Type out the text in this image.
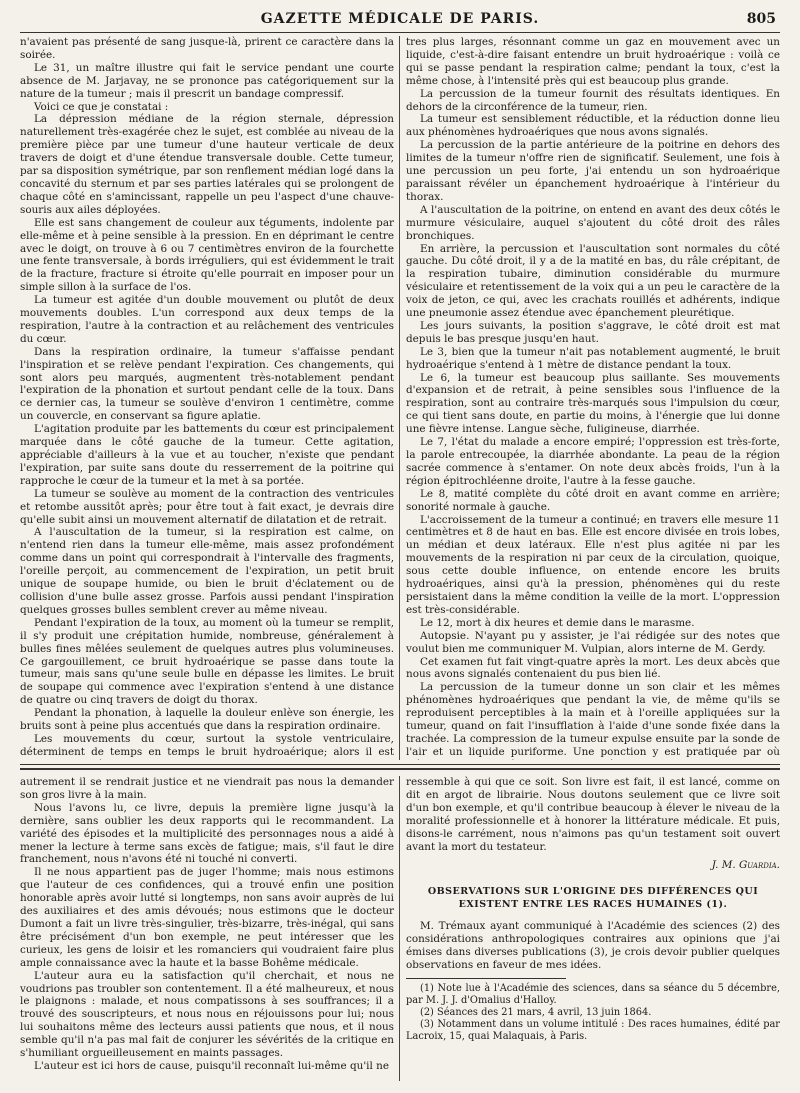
GAZETTE MÉDICALE DE PARIS.	805

n'avaient pas présenté de sang jusque-là, prirent ce caractère dans la soirée.

Le 31, un maître illustre qui fait le service pendant une courte absence de M. Jarjavay, ne se prononce pas catégoriquement sur la nature de la tumeur ; mais il prescrit un bandage compressif.

Voici ce que je constatai :

La dépression médiane de la région sternale, dépression naturellement très-exagérée chez le sujet, est comblée au niveau de la première pièce par une tumeur d'une hauteur verticale de deux travers de doigt et d'une étendue transversale double. Cette tumeur, par sa disposition symétrique, par son renflement médian logé dans la concavité du sternum et par ses parties latérales qui se prolongent de chaque côté en s'amincissant, rappelle un peu l'aspect d'une chauve-souris aux ailes déployées.

Elle est sans changement de couleur aux téguments, indolente par elle-même et à peine sensible à la pression. En en déprimant le centre avec le doigt, on trouve à 6 ou 7 centimètres environ de la fourchette une fente transversale, à bords irréguliers, qui est évidemment le trait de la fracture, fracture si étroite qu'elle pourrait en imposer pour un simple sillon à la surface de l'os.

La tumeur est agitée d'un double mouvement ou plutôt de deux mouvements doubles. L'un correspond aux deux temps de la respiration, l'autre à la contraction et au relâchement des ventricules du cœur.

Dans la respiration ordinaire, la tumeur s'affaisse pendant l'inspiration et se relève pendant l'expiration. Ces changements, qui sont alors peu marqués, augmentent très-notablement pendant l'expiration de la phonation et surtout pendant celle de la toux. Dans ce dernier cas, la tumeur se soulève d'environ 1 centimètre, comme un couvercle, en conservant sa figure aplatie.

L'agitation produite par les battements du cœur est principalement marquée dans le côté gauche de la tumeur. Cette agitation, appréciable d'ailleurs à la vue et au toucher, n'existe que pendant l'expiration, par suite sans doute du resserrement de la poitrine qui rapproche le cœur de la tumeur et la met à sa portée.

La tumeur se soulève au moment de la contraction des ventricules et retombe aussitôt après; pour être tout à fait exact, je devrais dire qu'elle subit ainsi un mouvement alternatif de dilatation et de retrait.

A l'auscultation de la tumeur, si la respiration est calme, on n'entend rien dans la tumeur elle-même, mais assez profondément comme dans un point qui correspondrait à l'intervalle des fragments, l'oreille perçoit, au commencement de l'expiration, un petit bruit unique de soupape humide, ou bien le bruit d'éclatement ou de collision d'une bulle assez grosse. Parfois aussi pendant l'inspiration quelques grosses bulles semblent crever au même niveau.

Pendant l'expiration de la toux, au moment où la tumeur se remplit, il s'y produit une crépitation humide, nombreuse, généralement à bulles fines mêlées seulement de quelques autres plus volumineuses. Ce gargouillement, ce bruit hydroaérique se passe dans toute la tumeur, mais sans qu'une seule bulle en dépasse les limites. Le bruit de soupape qui commence avec l'expiration s'entend à une distance de quatre ou cinq travers de doigt du thorax.

Pendant la phonation, à laquelle la douleur enlève son énergie, les bruits sont à peine plus accentués que dans la respiration ordinaire.

Les mouvements du cœur, surtout la systole ventriculaire, déterminent de temps en temps le bruit hydroaérique; alors il est

tres plus larges, résonnant comme un gaz en mouvement avec un liquide, c'est-à-dire faisant entendre un bruit hydroaérique : voilà ce qui se passe pendant la respiration calme; pendant la toux, c'est la même chose, à l'intensité près qui est beaucoup plus grande.

La percussion de la tumeur fournit des résultats identiques. En dehors de la circonférence de la tumeur, rien.

La tumeur est sensiblement réductible, et la réduction donne lieu aux phénomènes hydroaériques que nous avons signalés.

La percussion de la partie antérieure de la poitrine en dehors des limites de la tumeur n'offre rien de significatif. Seulement, une fois à une percussion un peu forte, j'ai entendu un son hydroaérique paraissant révéler un épanchement hydroaérique à l'intérieur du thorax.

A l'auscultation de la poitrine, on entend en avant des deux côtés le murmure vésiculaire, auquel s'ajoutent du côté droit des râles bronchiques.

En arrière, la percussion et l'auscultation sont normales du côté gauche. Du côté droit, il y a de la matité en bas, du râle crépitant, de la respiration tubaire, diminution considérable du murmure vésiculaire et retentissement de la voix qui a un peu le caractère de la voix de jeton, ce qui, avec les crachats rouillés et adhérents, indique une pneumonie assez étendue avec épanchement pleurétique.

Les jours suivants, la position s'aggrave, le côté droit est mat depuis le bas presque jusqu'en haut.

Le 3, bien que la tumeur n'ait pas notablement augmenté, le bruit hydroaérique s'entend à 1 mètre de distance pendant la toux.

Le 6, la tumeur est beaucoup plus saillante. Ses mouvements d'expansion et de retrait, à peine sensibles sous l'influence de la respiration, sont au contraire très-marqués sous l'impulsion du cœur, ce qui tient sans doute, en partie du moins, à l'énergie que lui donne une fièvre intense. Langue sèche, fuligineuse, diarrhée.

Le 7, l'état du malade a encore empiré; l'oppression est très-forte, la parole entrecoupée, la diarrhée abondante. La peau de la région sacrée commence à s'entamer. On note deux abcès froids, l'un à la région épitrochléenne droite, l'autre à la fesse gauche.

Le 8, matité complète du côté droit en avant comme en arrière; sonorité normale à gauche.

L'accroissement de la tumeur a continué; en travers elle mesure 11 centimètres et 8 de haut en bas. Elle est encore divisée en trois lobes, un médian et deux latéraux. Elle n'est plus agitée ni par les mouvements de la respiration ni par ceux de la circulation, quoique, sous cette double influence, on entende encore les bruits hydroaériques, ainsi qu'à la pression, phénomènes qui du reste persistaient dans la même condition la veille de la mort. L'oppression est très-considérable.

Le 12, mort à dix heures et demie dans le marasme.

Autopsie. N'ayant pu y assister, je l'ai rédigée sur des notes que voulut bien me communiquer M. Vulpian, alors interne de M. Gerdy.

Cet examen fut fait vingt-quatre après la mort. Les deux abcès que nous avons signalés contenaient du pus bien lié.

La percussion de la tumeur donne un son clair et les mêmes phénomènes hydroaériques que pendant la vie, de même qu'ils se reproduisent perceptibles à la main et à l'oreille appliquées sur la tumeur, quand on fait l'insufflation à l'aide d'une sonde fixée dans la trachée. La compression de la tumeur expulse ensuite par la sonde de l'air et un liquide puriforme. Une ponction y est pratiquée par où

autrement il se rendrait justice et ne viendrait pas nous la demander son gros livre à la main.

Nous l'avons lu, ce livre, depuis la première ligne jusqu'à la dernière, sans oublier les deux rapports qui le recommandent. La variété des épisodes et la multiplicité des personnages nous a aidé à mener la lecture à terme sans excès de fatigue; mais, s'il faut le dire franchement, nous n'avons été ni touché ni converti.

Il ne nous appartient pas de juger l'homme; mais nous estimons que l'auteur de ces confidences, qui a trouvé enfin une position honorable après avoir lutté si longtemps, non sans avoir auprès de lui des auxiliaires et des amis dévoués; nous estimons que le docteur Dumont a fait un livre très-singulier, très-bizarre, très-inégal, qui sans être précisément d'un bon exemple, ne peut intéresser que les curieux, les gens de loisir et les romanciers qui voudraient faire plus ample connaissance avec la haute et la basse Bohême médicale.

L'auteur aura eu la satisfaction qu'il cherchait, et nous ne voudrions pas troubler son contentement. Il a été malheureux, et nous le plaignons : malade, et nous compatissons à ses souffrances; il a trouvé des souscripteurs, et nous nous en réjouissons pour lui; nous lui souhaitons même des lecteurs aussi patients que nous, et il nous semble qu'il n'a pas mal fait de conjurer les sévérités de la critique en s'humiliant orgueilleusement en maints passages.

L'auteur est ici hors de cause, puisqu'il reconnaît lui-même qu'il ne

ressemble à qui que ce soit. Son livre est fait, il est lancé, comme on dit en argot de librairie. Nous doutons seulement que ce livre soit d'un bon exemple, et qu'il contribue beaucoup à élever le niveau de la moralité professionnelle et à honorer la littérature médicale. Et puis, disons-le carrément, nous n'aimons pas qu'un testament soit ouvert avant la mort du testateur.

J. M. Guardia.
OBSERVATIONS SUR L'ORIGINE DES DIFFÉRENCES QUI EXISTENT ENTRE LES RACES HUMAINES (1).

M. Trémaux ayant communiqué à l'Académie des sciences (2) des considérations anthropologiques contraires aux opinions que j'ai émises dans diverses publications (3), je crois devoir publier quelques observations en faveur de mes idées.

(1) Note lue à l'Académie des sciences, dans sa séance du 5 décembre, par M. J. J. d'Omalius d'Halloy.

(2) Séances des 21 mars, 4 avril, 13 juin 1864.

(3) Notamment dans un volume intitulé : Des races humaines, édité par Lacroix, 15, quai Malaquais, à Paris.
